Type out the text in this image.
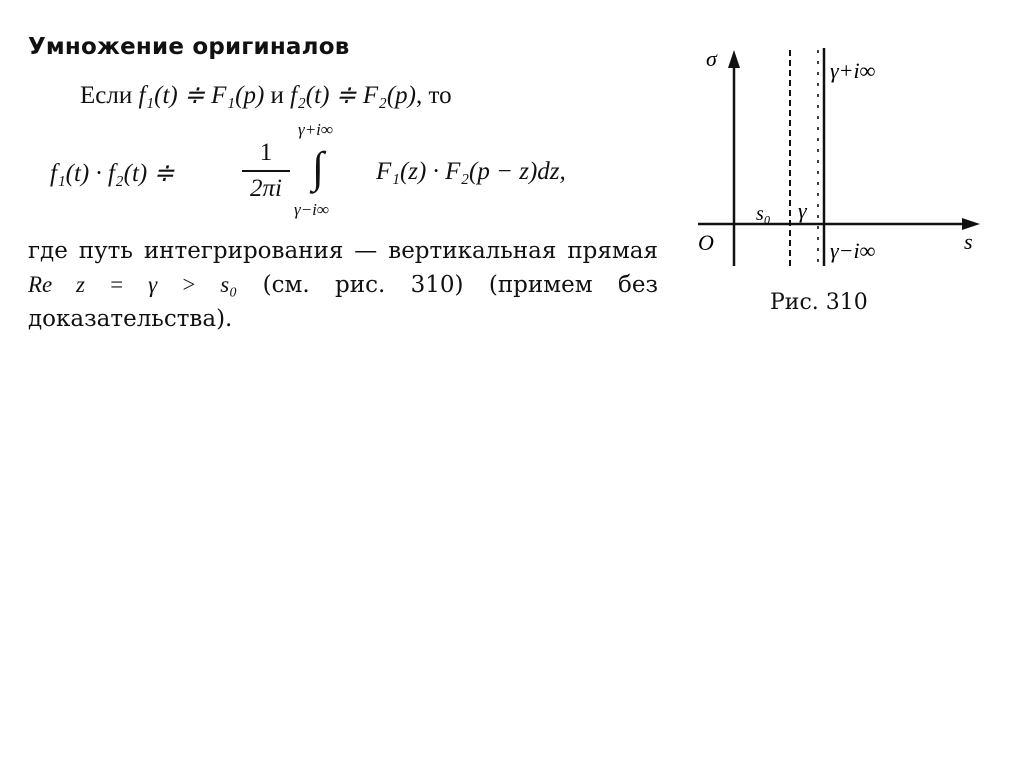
Умножение оригиналов
Если f₁(t) ≑ F₁(p) и f₂(t) ≑ F₂(p), то
f₁(t) · f₂(t) ≑
1
2πi
γ+i∞
∫
γ−i∞
F₁(z) · F₂(p − z)dz,
где путь интегрирования — вертикальная прямая Re z = γ > s₀ (см. рис. 310) (примем без доказательства).
σ
s
O
s₀ γ
γ+i∞
γ−i∞
Рис. 310
